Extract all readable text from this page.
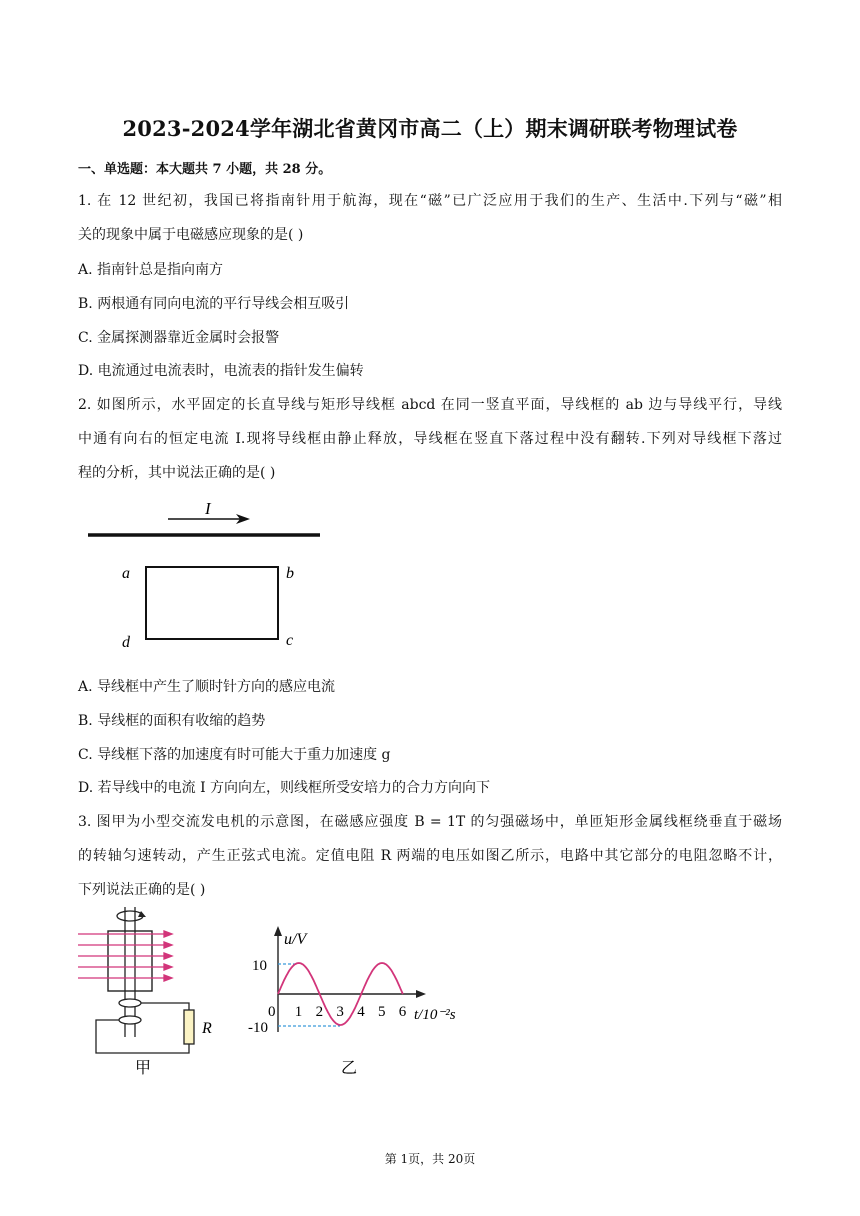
2023-2024学年湖北省黄冈市高二（上）期末调研联考物理试卷
一、单选题：本大题共 7 小题，共 28 分。
1. 在 12 世纪初，我国已将指南针用于航海，现在“磁”已广泛应用于我们的生产、生活中.下列与“磁”相
关的现象中属于电磁感应现象的是( )
A. 指南针总是指向南方
B. 两根通有同向电流的平行导线会相互吸引
C. 金属探测器靠近金属时会报警
D. 电流通过电流表时，电流表的指针发生偏转
2. 如图所示，水平固定的长直导线与矩形导线框 abcd 在同一竖直平面，导线框的 ab 边与导线平行，导线
中通有向右的恒定电流 I.现将导线框由静止释放，导线框在竖直下落过程中没有翻转.下列对导线框下落过
程的分析，其中说法正确的是( )
I
a	b
c
d
A. 导线框中产生了顺时针方向的感应电流
B. 导线框的面积有收缩的趋势
C. 导线框下落的加速度有时可能大于重力加速度 g
D. 若导线中的电流 I 方向向左，则线框所受安培力的合力方向向下
3. 图甲为小型交流发电机的示意图，在磁感应强度 B = 1T 的匀强磁场中，单匝矩形金属线框绕垂直于磁场
的转轴匀速转动，产生正弦式电流。定值电阻 R 两端的电压如图乙所示，电路中其它部分的电阻忽略不计，
下列说法正确的是( )
R
甲
u/V
t/10⁻²s
10
-10
0 1 2 3 4 5 6
乙
第 1页，共 20页
